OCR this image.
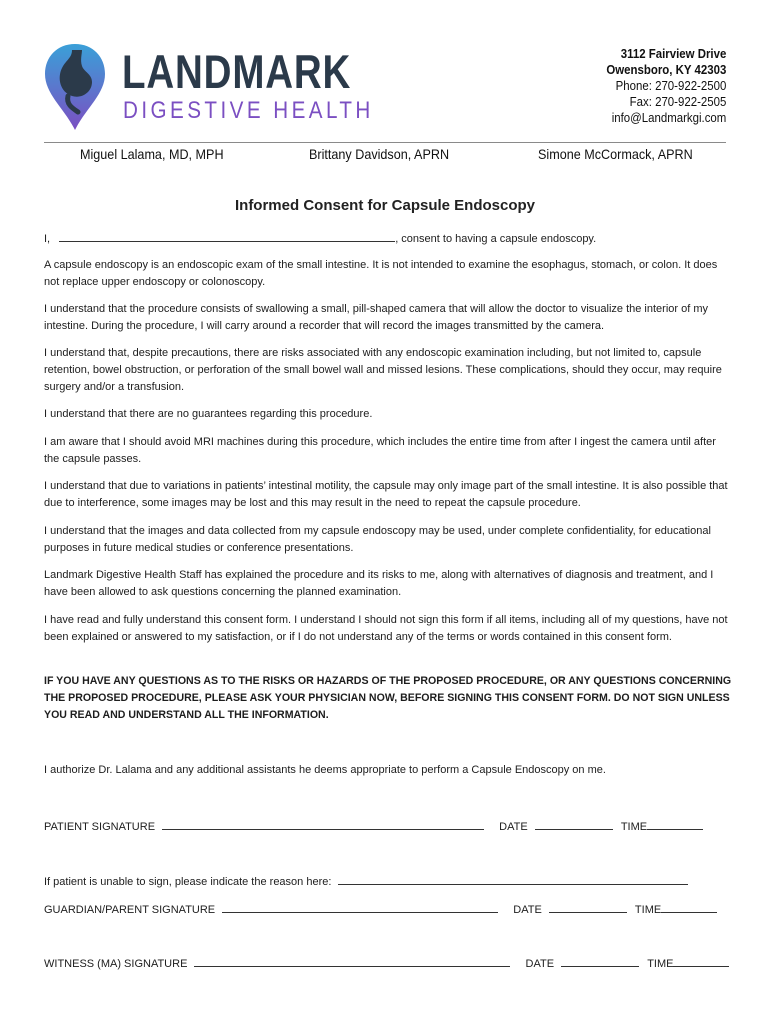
LANDMARK
DIGESTIVE HEALTH
3112 Fairview Drive
Owensboro, KY 42303
Phone: 270-922-2500
Fax: 270-922-2505
info@Landmarkgi.com
Miguel Lalama, MD, MPH	Brittany Davidson, APRN	Simone McCormack, APRN
Informed Consent for Capsule Endoscopy
I,	, consent to having a capsule endoscopy.
A capsule endoscopy is an endoscopic exam of the small intestine. It is not intended to examine the esophagus, stomach, or colon. It does not replace upper endoscopy or colonoscopy.
I understand that the procedure consists of swallowing a small, pill-shaped camera that will allow the doctor to visualize the interior of my intestine. During the procedure, I will carry around a recorder that will record the images transmitted by the camera.
I understand that, despite precautions, there are risks associated with any endoscopic examination including, but not limited to, capsule retention, bowel obstruction, or perforation of the small bowel wall and missed lesions. These complications, should they occur, may require surgery and/or a transfusion.
I understand that there are no guarantees regarding this procedure.
I am aware that I should avoid MRI machines during this procedure, which includes the entire time from after I ingest the camera until after the capsule passes.
I understand that due to variations in patients’ intestinal motility, the capsule may only image part of the small intestine. It is also possible that due to interference, some images may be lost and this may result in the need to repeat the capsule procedure.
I understand that the images and data collected from my capsule endoscopy may be used, under complete confidentiality, for educational purposes in future medical studies or conference presentations.
Landmark Digestive Health Staff has explained the procedure and its risks to me, along with alternatives of diagnosis and treatment, and I have been allowed to ask questions concerning the planned examination.
I have read and fully understand this consent form. I understand I should not sign this form if all items, including all of my questions, have not been explained or answered to my satisfaction, or if I do not understand any of the terms or words contained in this consent form.
IF YOU HAVE ANY QUESTIONS AS TO THE RISKS OR HAZARDS OF THE PROPOSED PROCEDURE, OR ANY QUESTIONS CONCERNING THE PROPOSED PROCEDURE, PLEASE ASK YOUR PHYSICIAN NOW, BEFORE SIGNING THIS CONSENT FORM. DO NOT SIGN UNLESS YOU READ AND UNDERSTAND ALL THE INFORMATION.
I authorize Dr. Lalama and any additional assistants he deems appropriate to perform a Capsule Endoscopy on me.
PATIENT SIGNATURE	DATE	TIME
If patient is unable to sign, please indicate the reason here:
GUARDIAN/PARENT SIGNATURE	DATE	TIME
WITNESS (MA) SIGNATURE	DATE	TIME
